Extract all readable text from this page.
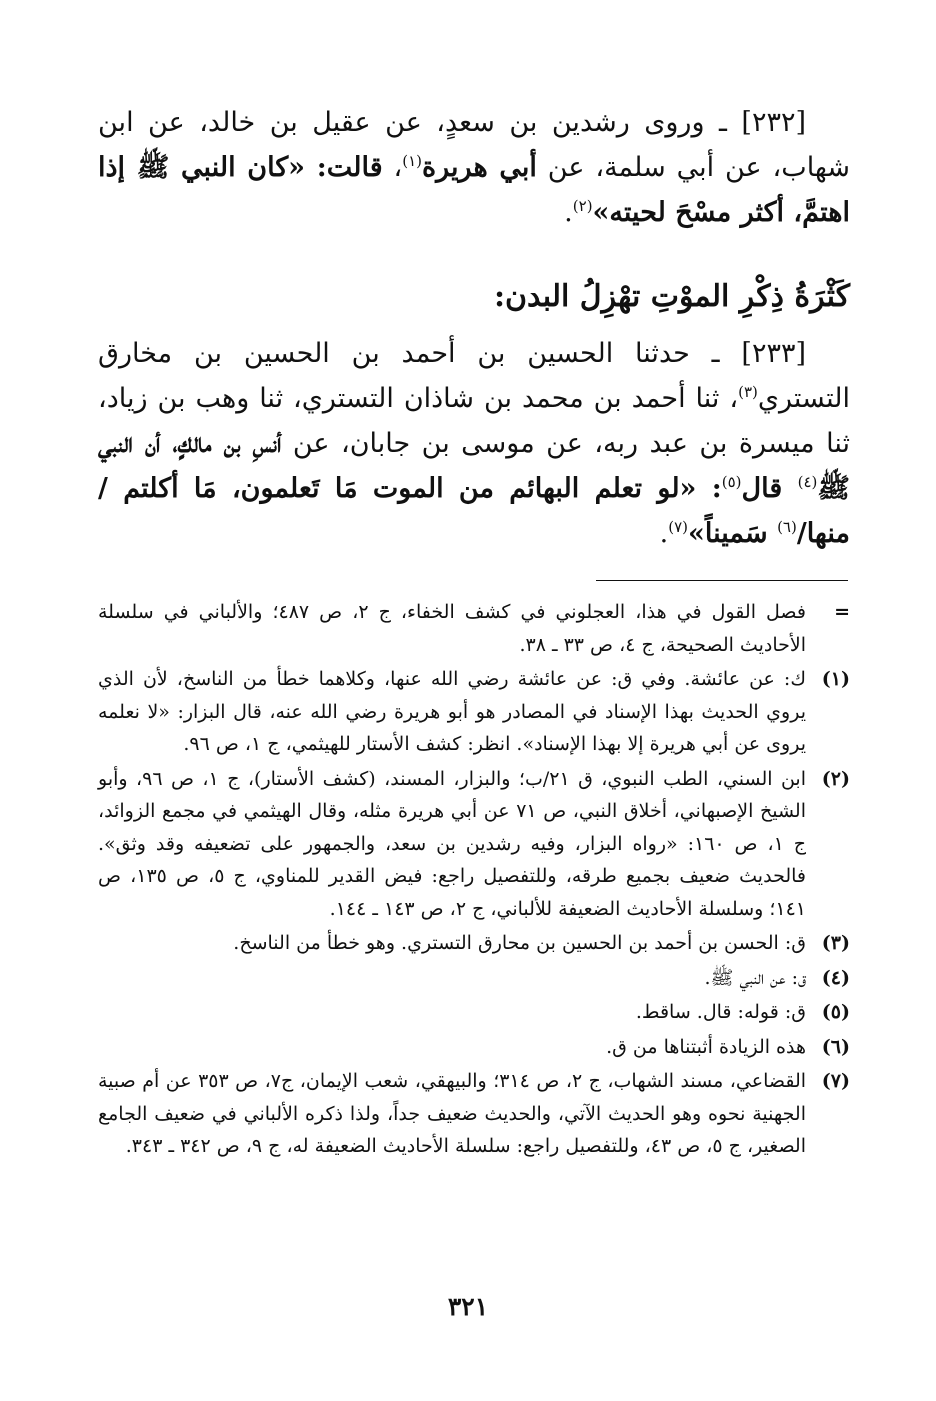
[٢٣٢] ـ وروى رشدين بن سعدٍ، عن عقيل بن خالد، عن ابن شهاب، عن أبي سلمة، عن أبي هريرة$^{(١)}$، قالت: «كان النبي ﷺ إذا اهتمَّ، أكثر مسْحَ لحيته»$^{(٢)}$.

كَثْرَةُ ذِكْرِ الموْتِ تهْزِلُ البدن:

[٢٣٣] ـ حدثنا الحسين بن أحمد بن الحسين بن مخارق التستري$^{(٣)}$، ثنا أحمد بن محمد بن شاذان التستري، ثنا وهب بن زياد، ثنا ميسرة بن عبد ربه، عن موسى بن جابان، عن أنسِ بن مالكٍ، أن النبي ﷺ$^{(٤)}$ قال$^{(٥)}$: «لو تعلم البهائم من الموت مَا تَعلمون، مَا أكلتم /منها/$^{(٦)}$ سَميناً»$^{(٧)}$.

=
فصل القول في هذا، العجلوني في كشف الخفاء، ج ٢، ص ٤٨٧؛ والألباني في سلسلة الأحاديث الصحيحة، ج ٤، ص ٣٣ ـ ٣٨.
(١)
ك: عن عائشة. وفي ق: عن عائشة رضي الله عنها، وكلاهما خطأ من الناسخ، لأن الذي يروي الحديث بهذا الإسناد في المصادر هو أبو هريرة رضي الله عنه، قال البزار: «لا نعلمه يروى عن أبي هريرة إلا بهذا الإسناد». انظر: كشف الأستار للهيثمي، ج ١، ص ٩٦.
(٢)
ابن السني، الطب النبوي، ق ٢١/ب؛ والبزار، المسند، (كشف الأستار)، ج ١، ص ٩٦، وأبو الشيخ الإصبهاني، أخلاق النبي، ص ٧١ عن أبي هريرة مثله، وقال الهيثمي في مجمع الزوائد، ج ١، ص ١٦٠: «رواه البزار، وفيه رشدين بن سعد، والجمهور على تضعيفه وقد وثق». فالحديث ضعيف بجميع طرقه، وللتفصيل راجع: فيض القدير للمناوي، ج ٥، ص ١٣٥، ص ١٤١؛ وسلسلة الأحاديث الضعيفة للألباني، ج ٢، ص ١٤٣ ـ ١٤٤.
(٣)
ق: الحسن بن أحمد بن الحسين بن محارق التستري. وهو خطأ من الناسخ.
(٤)
ق: عن النبي ﷺ.
(٥)
ق: قوله: قال. ساقط.
(٦)
هذه الزيادة أثبتناها من ق.
(٧)
القضاعي، مسند الشهاب، ج ٢، ص ٣١٤؛ والبيهقي، شعب الإيمان، ج٧، ص ٣٥٣ عن أم صبية الجهنية نحوه وهو الحديث الآتي، والحديث ضعيف جداً، ولذا ذكره الألباني في ضعيف الجامع الصغير، ج ٥، ص ٤٣، وللتفصيل راجع: سلسلة الأحاديث الضعيفة له، ج ٩، ص ٣٤٢ ـ ٣٤٣.
٣٢١
